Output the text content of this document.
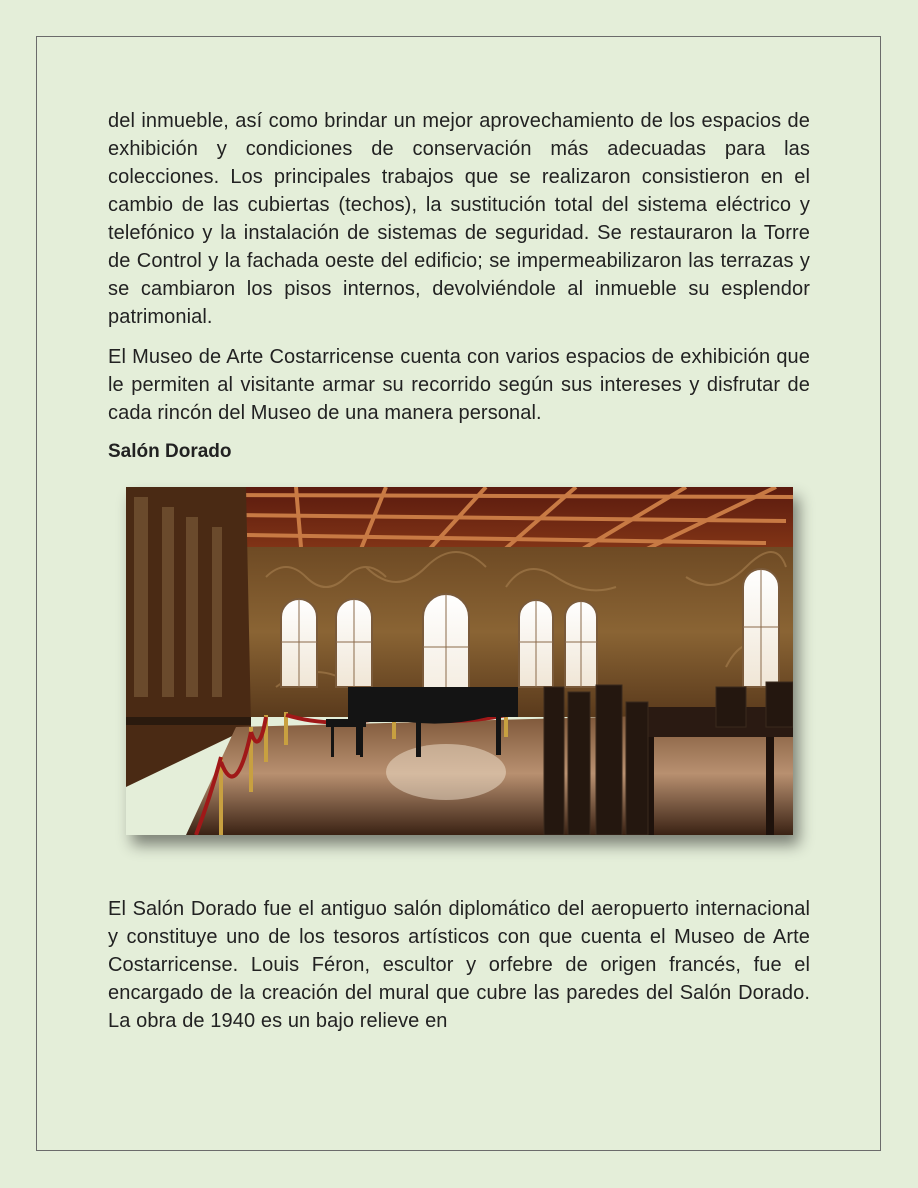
del inmueble, así como brindar un mejor aprovechamiento de los espacios de exhibición y condiciones de conservación más adecuadas para las colecciones. Los principales trabajos que se realizaron consistieron en el cambio de las cubiertas (techos), la sustitución total del sistema eléctrico y telefónico y la instalación de sistemas de seguridad. Se restauraron la Torre de Control y la fachada oeste del edificio; se impermeabilizaron las terrazas y se cambiaron los pisos internos, devolviéndole al inmueble su esplendor patrimonial.

El Museo de Arte Costarricense cuenta con varios espacios de exhibición que le permiten al visitante armar su recorrido según sus intereses y disfrutar de cada rincón del Museo de una manera personal.

Salón Dorado

El Salón Dorado fue el antiguo salón diplomático del aeropuerto internacional y constituye uno de los tesoros artísticos con que cuenta el Museo de Arte Costarricense. Louis Féron, escultor y orfebre de origen francés, fue el encargado de la creación del mural que cubre las paredes del Salón Dorado. La obra de 1940 es un bajo relieve en
